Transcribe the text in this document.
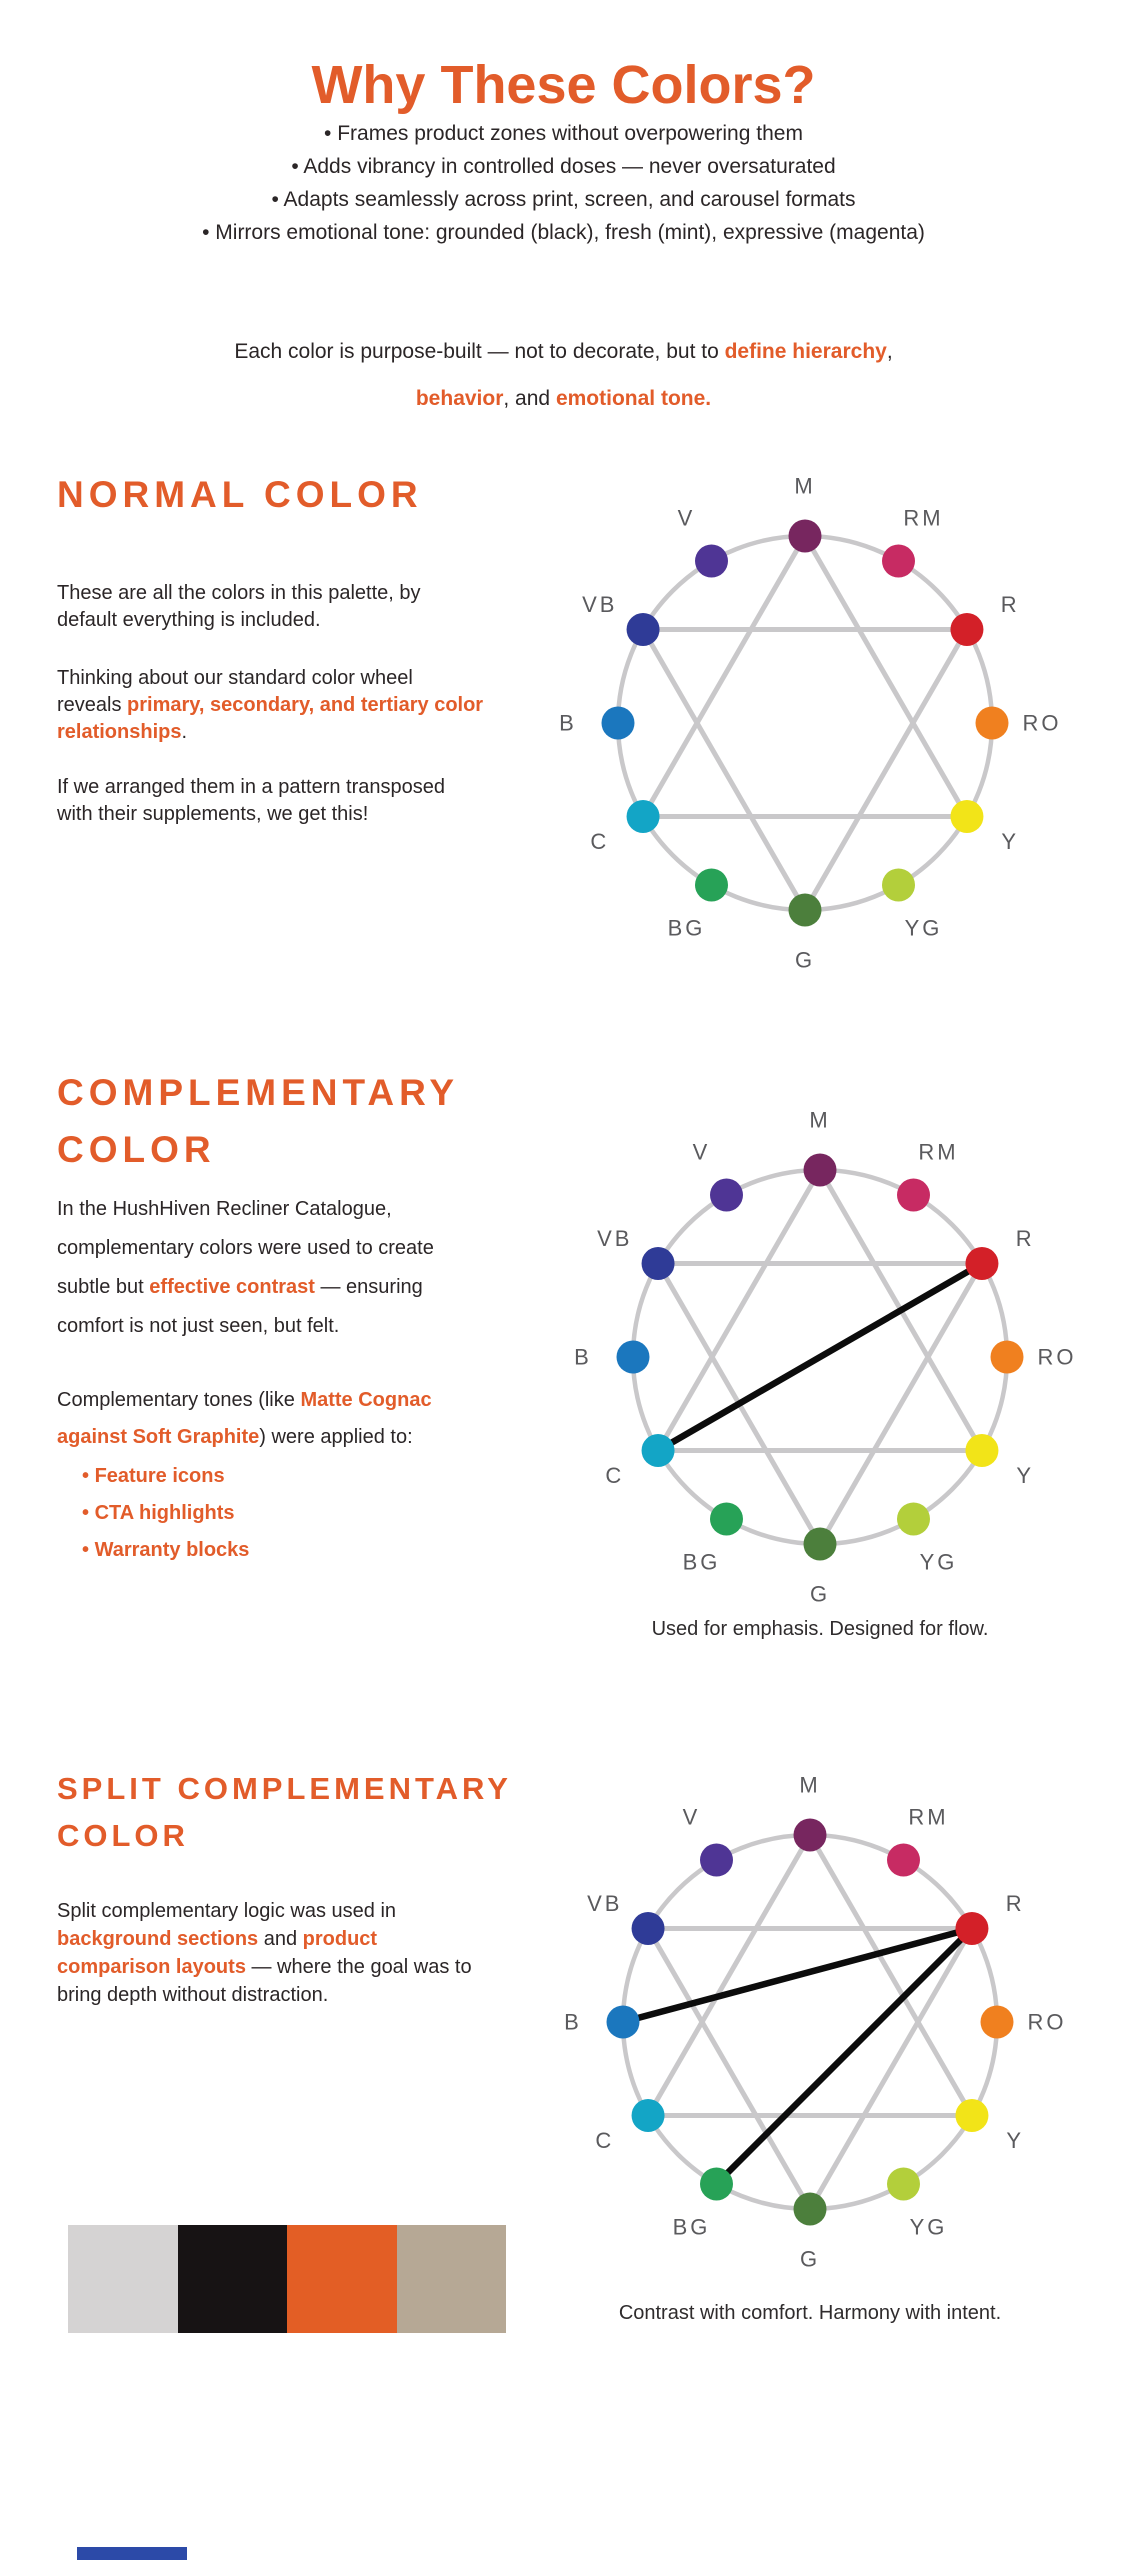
Why These Colors?
• Frames product zones without overpowering them
• Adds vibrancy in controlled doses — never oversaturated
• Adapts seamlessly across print, screen, and carousel formats
• Mirrors emotional tone: grounded (black), fresh (mint), expressive (magenta)

Each color is purpose-built — not to decorate, but to define hierarchy,
behavior, and emotional tone.

NORMAL COLOR

These are all the colors in this palette, by
default everything is included.

Thinking about our standard color wheel
reveals primary, secondary, and tertiary color
relationships.

If we arranged them in a pattern transposed
with their supplements, we get this!

M
RM
R
RO
Y
YG
G
BG
C
B
VB
V
COMPLEMENTARY COLOR

In the HushHiven Recliner Catalogue,
complementary colors were used to create
subtle but effective contrast — ensuring
comfort is not just seen, but felt.

Complementary tones (like Matte Cognac
against Soft Graphite) were applied to:

• Feature icons
• CTA highlights
• Warranty blocks
M
RM
R
RO
Y
YG
G
BG
C
B
VB
V

Used for emphasis. Designed for flow.

SPLIT COMPLEMENTARY COLOR

Split complementary logic was used in
background sections and product
comparison layouts — where the goal was to
bring depth without distraction.

M
RM
R
RO
Y
YG
G
BG
C
B
VB
V

Contrast with comfort. Harmony with intent.
